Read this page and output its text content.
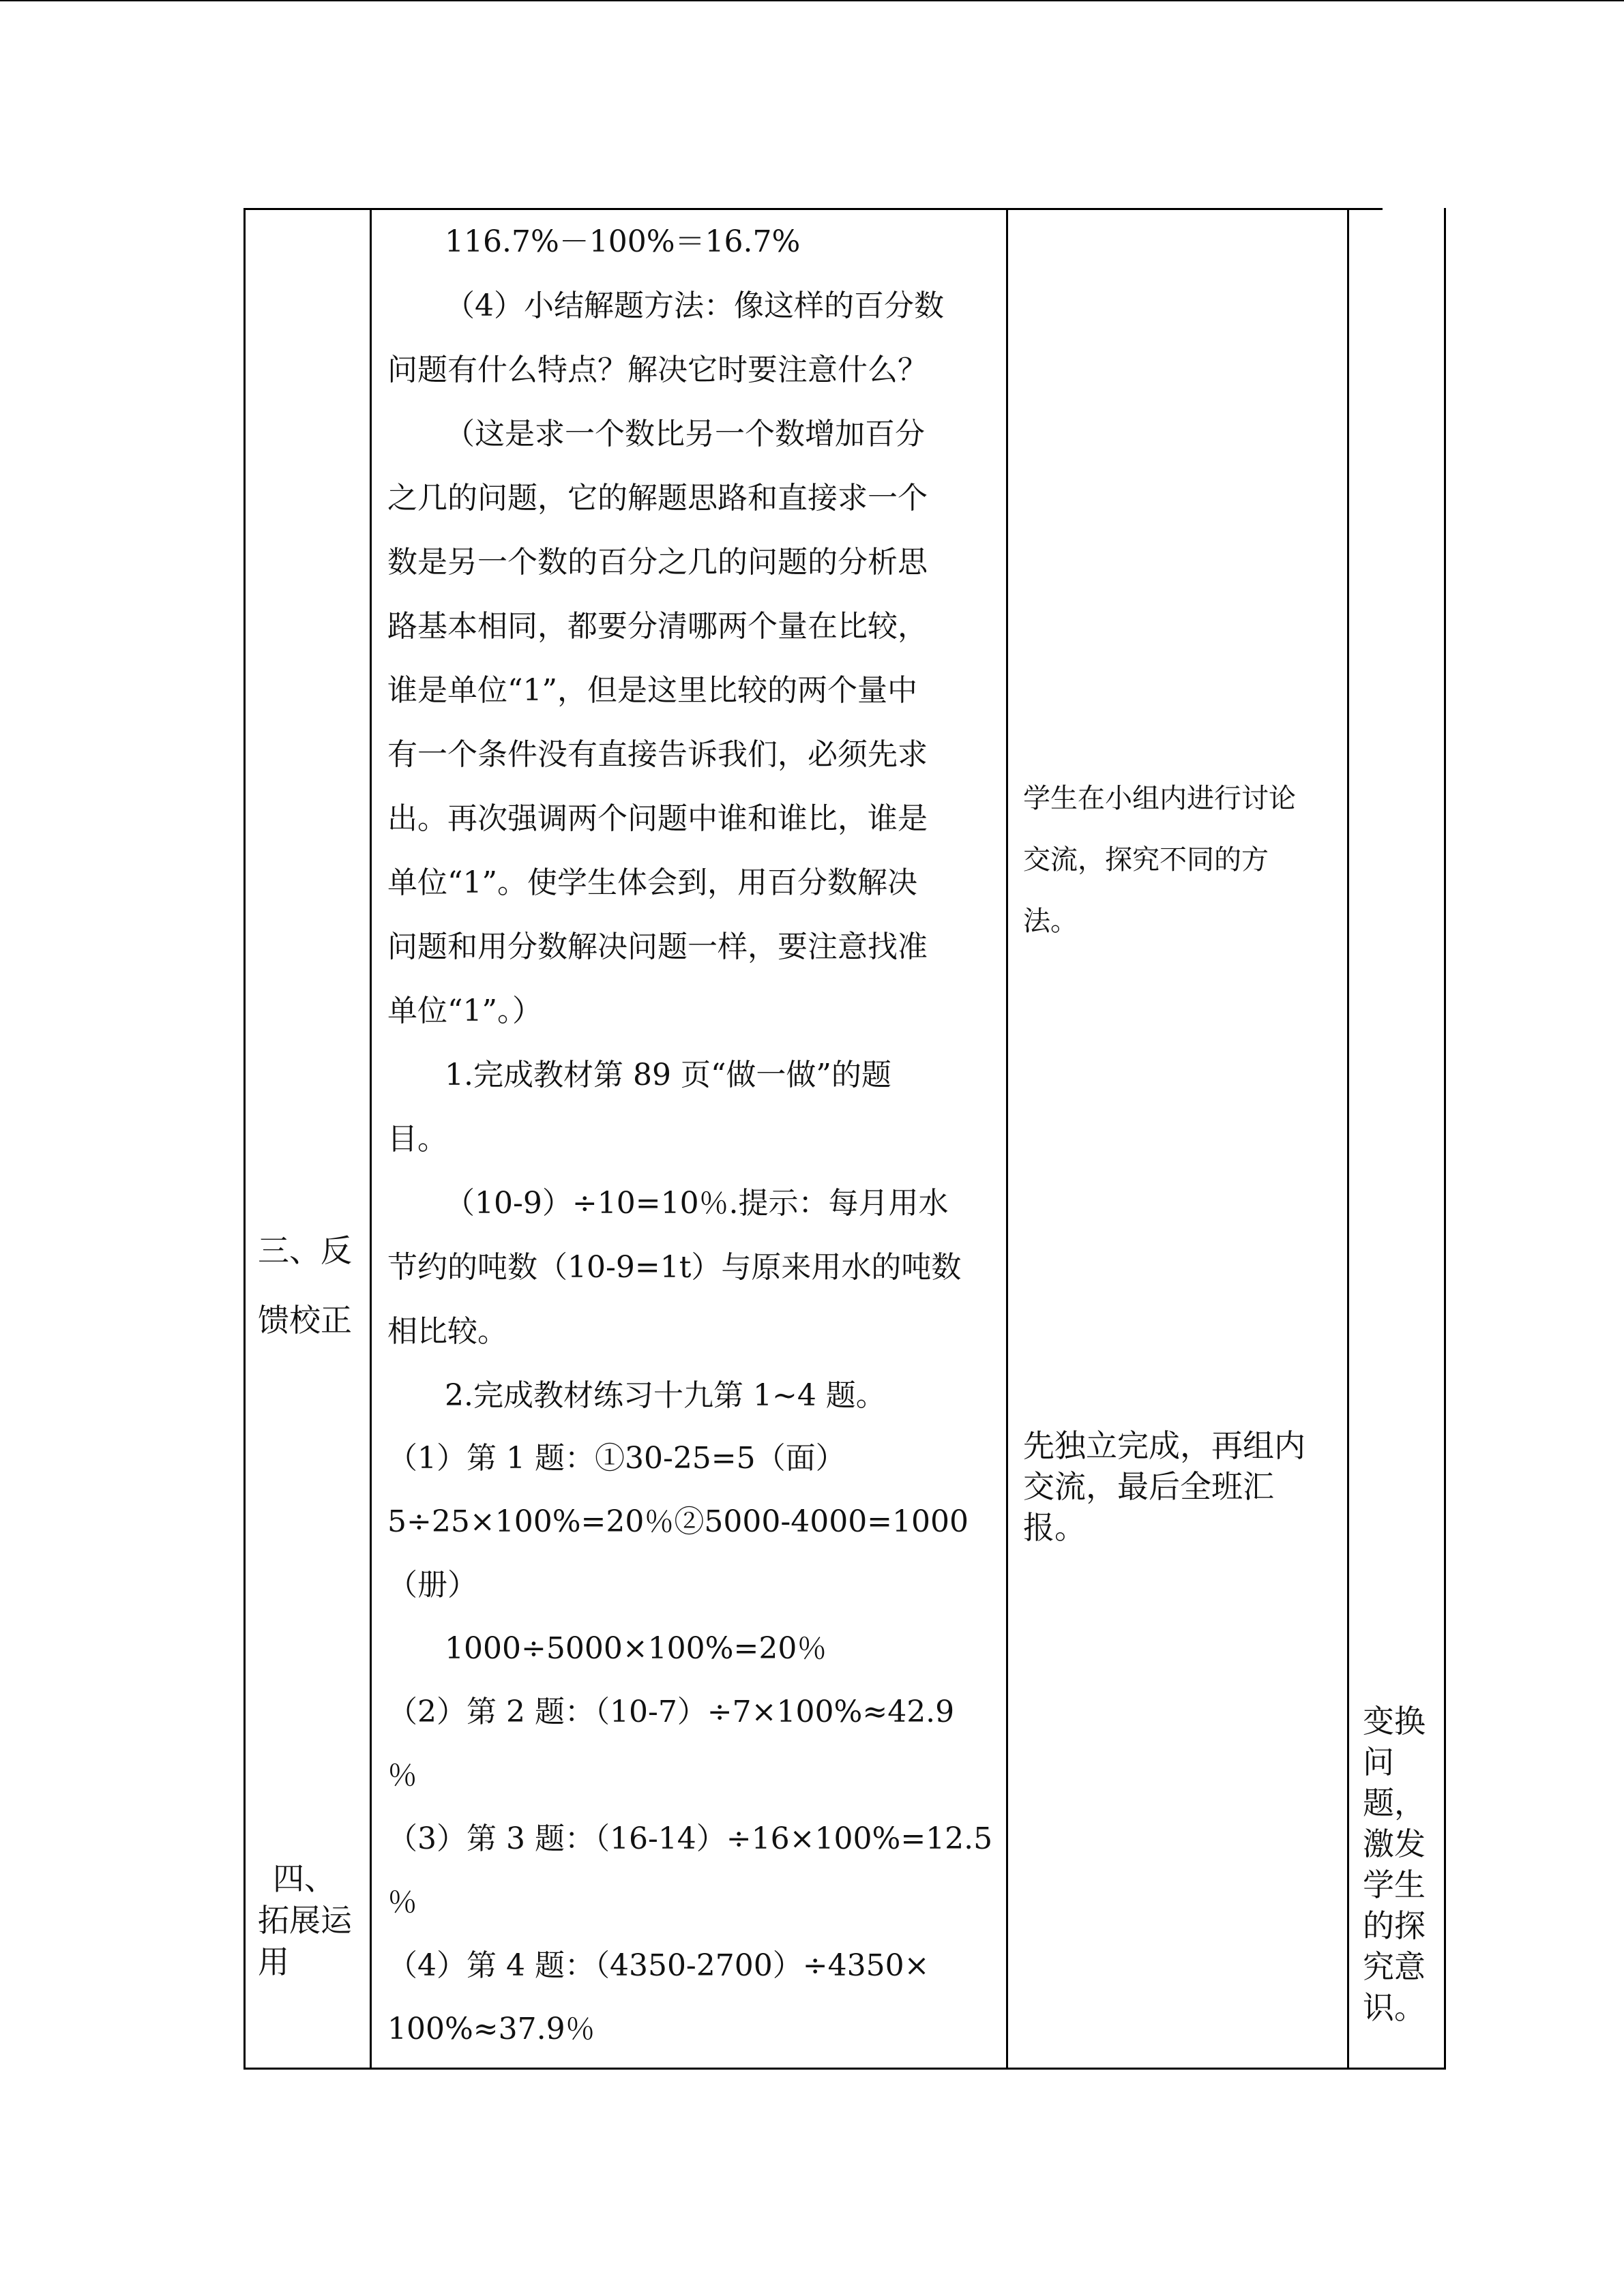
三、反
馈校正
四、
拓展运
用
116.7%－100%＝16.7%
（4）小结解题方法：像这样的百分数
问题有什么特点？解决它时要注意什么？
（这是求一个数比另一个数增加百分
之几的问题，它的解题思路和直接求一个
数是另一个数的百分之几的问题的分析思
路基本相同，都要分清哪两个量在比较，
谁是单位“1”，但是这里比较的两个量中
有一个条件没有直接告诉我们，必须先求
出。再次强调两个问题中谁和谁比，谁是
单位“1”。使学生体会到，用百分数解决
问题和用分数解决问题一样，要注意找准
单位“1”。）
1.完成教材第 89 页“做一做”的题
目。
（10-9）÷10=10％.提示：每月用水
节约的吨数（10-9=1t）与原来用水的吨数
相比较。
2.完成教材练习十九第 1~4 题。
（1）第 1 题：①30-25=5（面）
5÷25×100%=20％②5000-4000=1000
（册）
1000÷5000×100%=20％
（2）第 2 题：（10-7）÷7×100%≈42.9
％
（3）第 3 题：（16-14）÷16×100%=12.5
％
（4）第 4 题：（4350-2700）÷4350×
100%≈37.9％
学生在小组内进行讨论
交流，探究不同的方
法。
先独立完成，再组内
交流，最后全班汇
报。
变换
问
题，
激发
学生
的探
究意
识。
